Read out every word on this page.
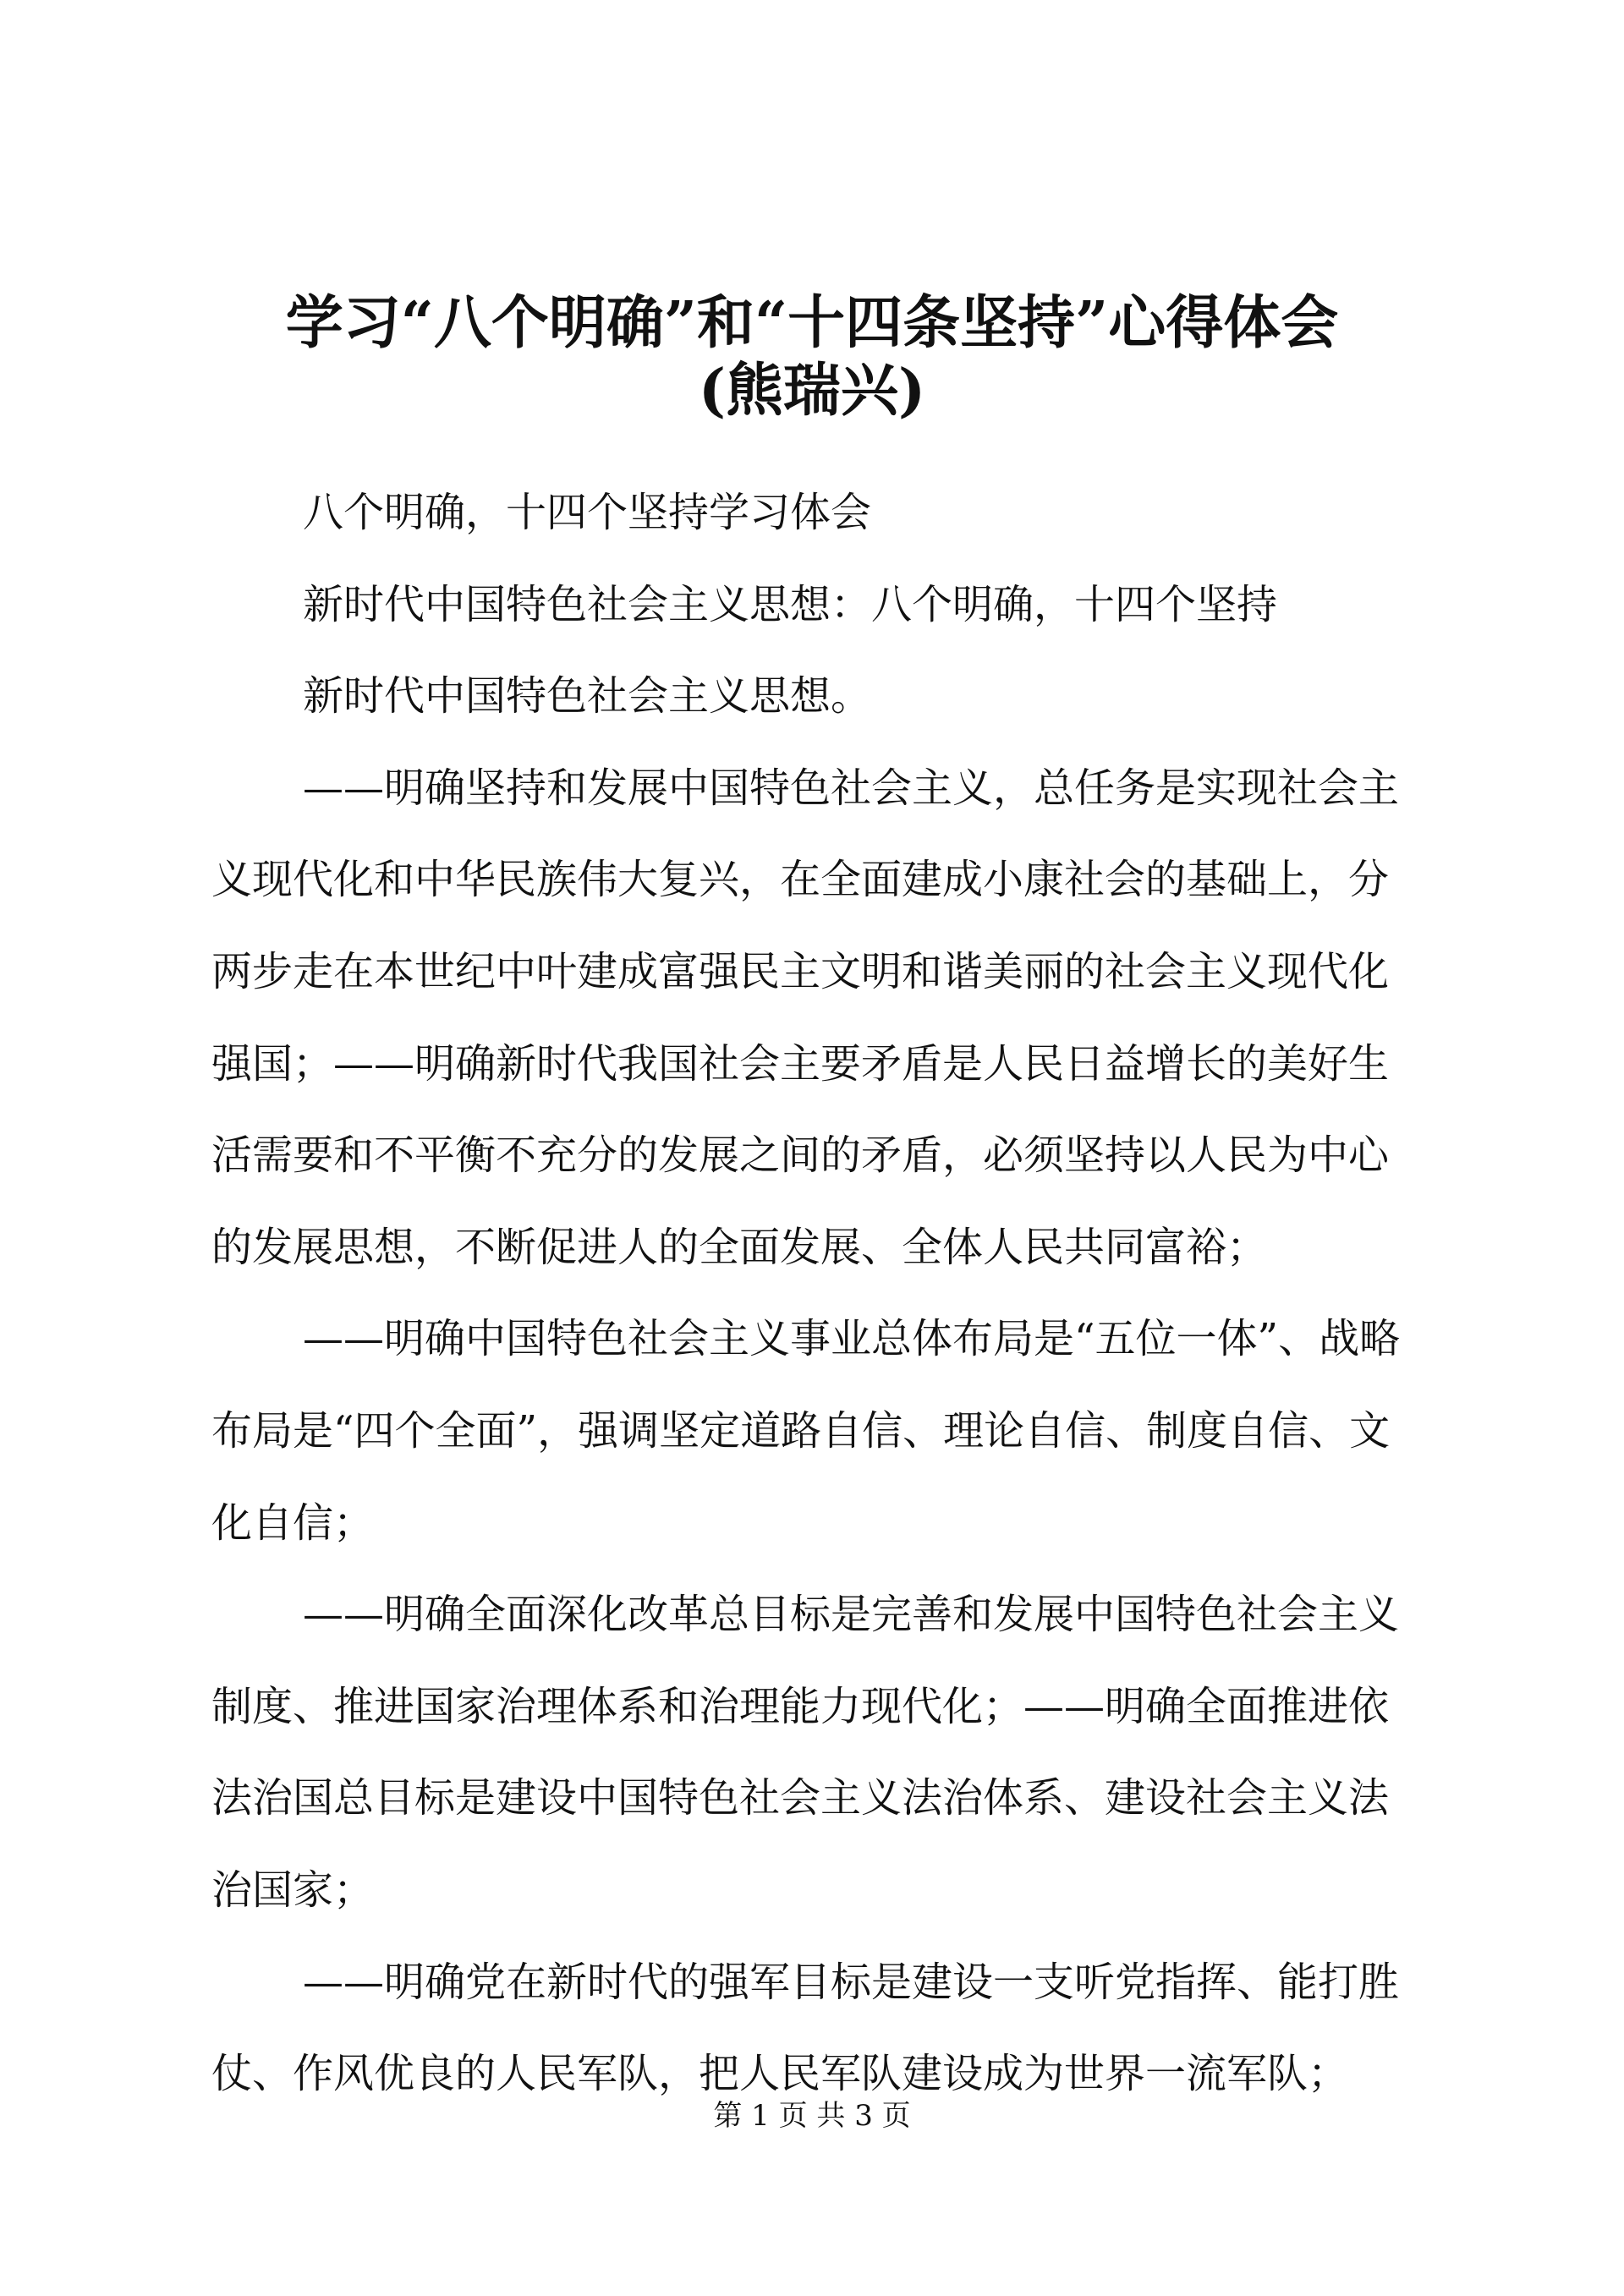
学习“八个明确”和“十四条坚持”心得体会
(熊瑞兴)

八个明确，十四个坚持学习体会

新时代中国特色社会主义思想：八个明确，十四个坚持

新时代中国特色社会主义思想。

——明确坚持和发展中国特色社会主义，总任务是实现社会主义现代化和中华民族伟大复兴，在全面建成小康社会的基础上，分两步走在本世纪中叶建成富强民主文明和谐美丽的社会主义现代化强国；——明确新时代我国社会主要矛盾是人民日益增长的美好生活需要和不平衡不充分的发展之间的矛盾，必须坚持以人民为中心的发展思想，不断促进人的全面发展、全体人民共同富裕；

——明确中国特色社会主义事业总体布局是“五位一体”、战略布局是“四个全面”，强调坚定道路自信、理论自信、制度自信、文化自信；

——明确全面深化改革总目标是完善和发展中国特色社会主义制度、推进国家治理体系和治理能力现代化；——明确全面推进依法治国总目标是建设中国特色社会主义法治体系、建设社会主义法治国家；

——明确党在新时代的强军目标是建设一支听党指挥、能打胜仗、作风优良的人民军队，把人民军队建设成为世界一流军队；

第 1 页 共 3 页
